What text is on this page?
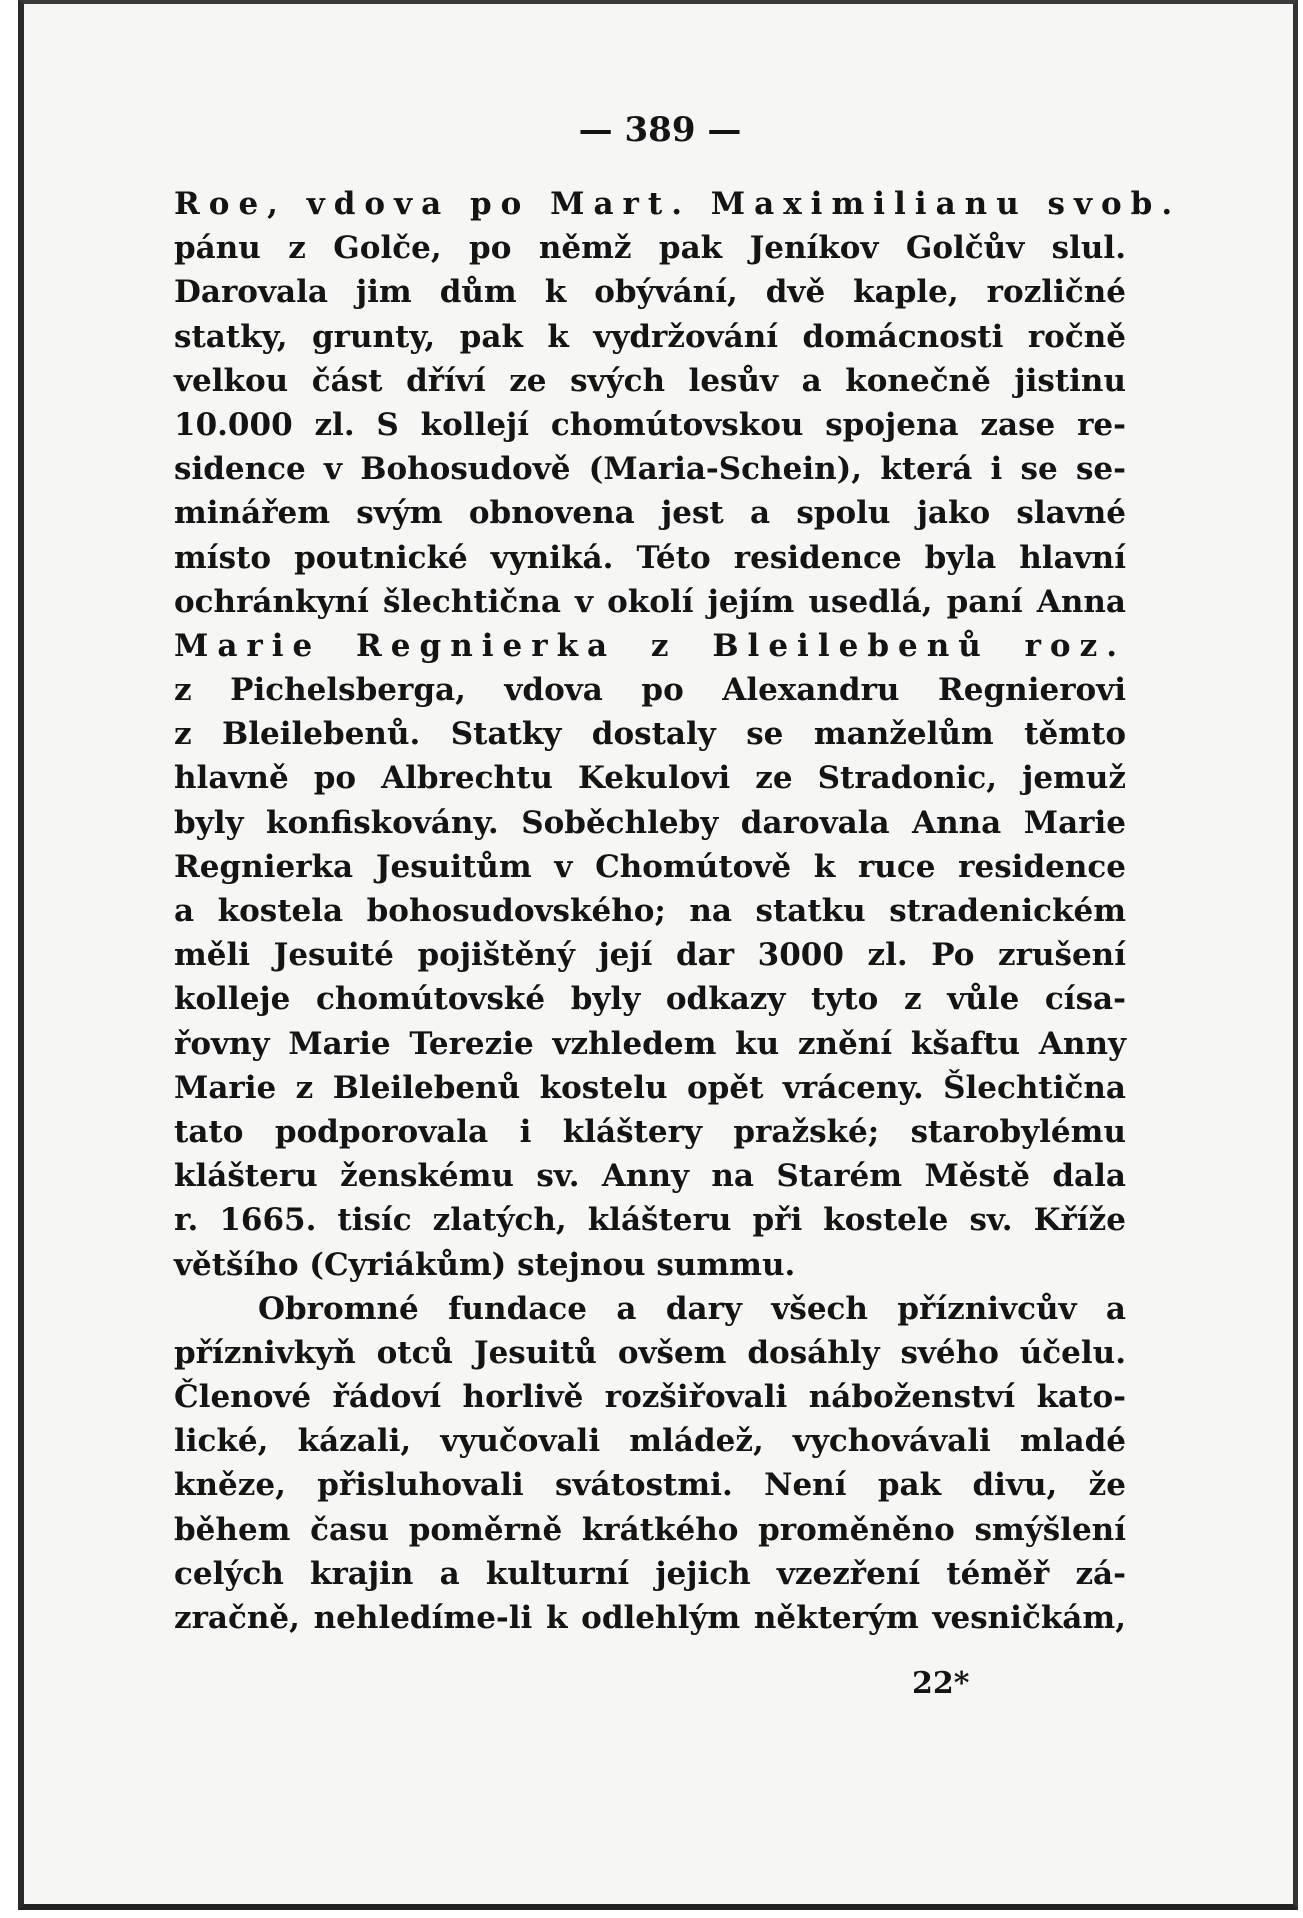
— 389 —
Roe, vdova po Mart. Maximilianu svob.
pánu z Golče, po němž pak Jeníkov Golčův slul.
Darovala jim dům k obývání, dvě kaple, rozličné
statky, grunty, pak k vydržování domácnosti ročně
velkou část dříví ze svých lesův a konečně jistinu
10.000 zl. S kollejí chomútovskou spojena zase re-
sidence v Bohosudově (Maria-Schein), která i se se-
minářem svým obnovena jest a spolu jako slavné
místo poutnické vyniká. Této residence byla hlavní
ochránkyní šlechtična v okolí jejím usedlá, paní Anna
Marie Regnierka z Bleilebenů roz.
z Pichelsberga, vdova po Alexandru Regnierovi
z Bleilebenů. Statky dostaly se manželům těmto
hlavně po Albrechtu Kekulovi ze Stradonic, jemuž
byly konfiskovány. Soběchleby darovala Anna Marie
Regnierka Jesuitům v Chomútově k ruce residence
a kostela bohosudovského; na statku stradenickém
měli Jesuité pojištěný její dar 3000 zl. Po zrušení
kolleje chomútovské byly odkazy tyto z vůle císa-
řovny Marie Terezie vzhledem ku znění kšaftu Anny
Marie z Bleilebenů kostelu opět vráceny. Šlechtična
tato podporovala i kláštery pražské; starobylému
klášteru ženskému sv. Anny na Starém Městě dala
r. 1665. tisíc zlatých, klášteru při kostele sv. Kříže
většího (Cyriákům) stejnou summu.
Obromné fundace a dary všech příznivcův a
příznivkyň otců Jesuitů ovšem dosáhly svého účelu.
Členové řádoví horlivě rozšiřovali náboženství kato-
lické, kázali, vyučovali mládež, vychovávali mladé
kněze, přisluhovali svátostmi. Není pak divu, že
během času poměrně krátkého proměněno smýšlení
celých krajin a kulturní jejich vzezření téměř zá-
zračně, nehledíme-li k odlehlým některým vesničkám,
22*
